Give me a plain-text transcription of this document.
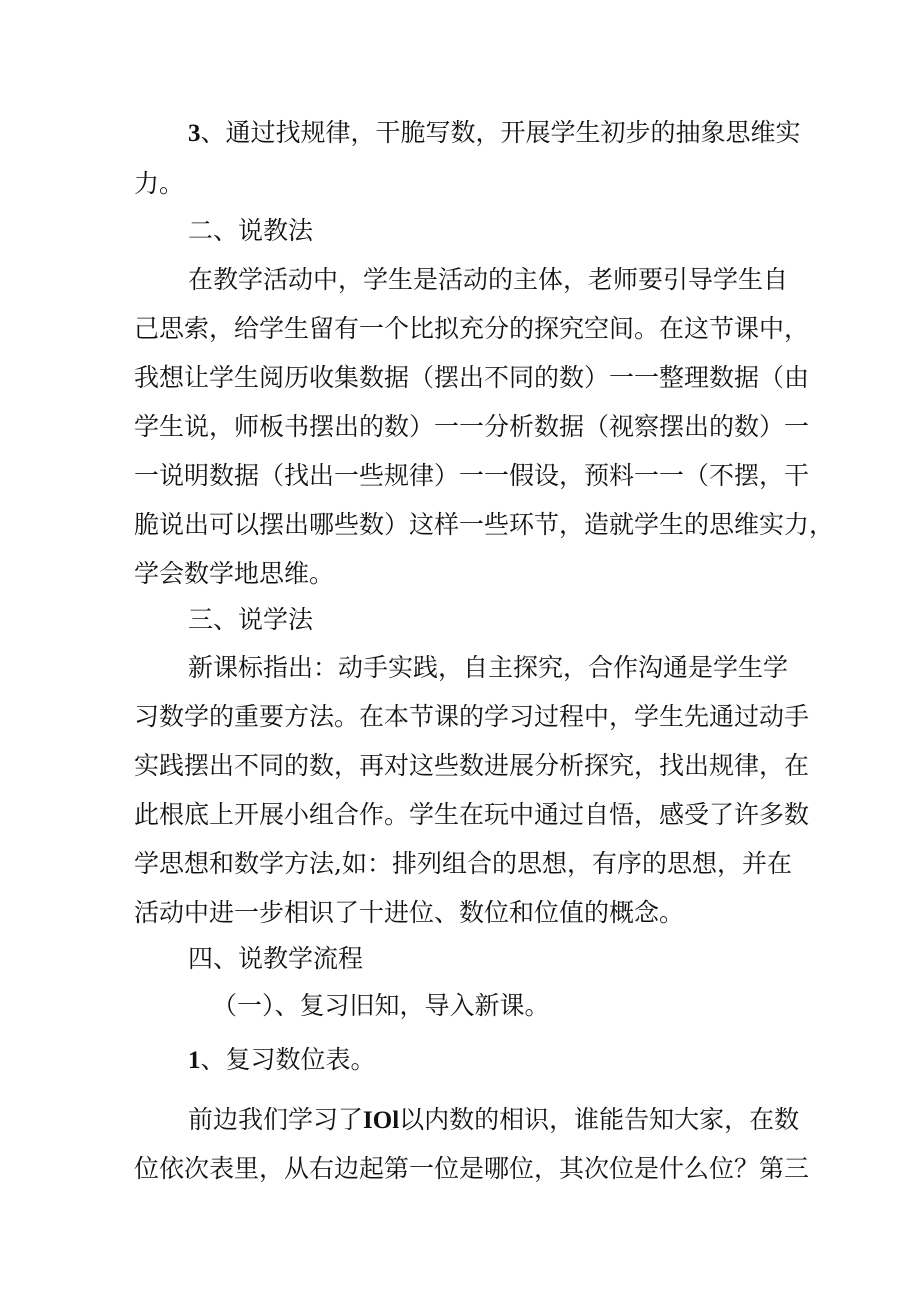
3、通过找规律，干脆写数，开展学生初步的抽象思维实
力。
二、说教法
在教学活动中，学生是活动的主体，老师要引导学生自
己思索，给学生留有一个比拟充分的探究空间。在这节课中，
我想让学生阅历收集数据（摆出不同的数）一一整理数据（由
学生说，师板书摆出的数）一一分析数据（视察摆出的数）一
一说明数据（找出一些规律）一一假设，预料一一（不摆，干
脆说出可以摆出哪些数）这样一些环节，造就学生的思维实力，
学会数学地思维。
三、说学法
新课标指出：动手实践，自主探究，合作沟通是学生学
习数学的重要方法。在本节课的学习过程中，学生先通过动手
实践摆出不同的数，再对这些数进展分析探究，找出规律，在
此根底上开展小组合作。学生在玩中通过自悟，感受了许多数
学思想和数学方法,如：排列组合的思想，有序的思想，并在
活动中进一步相识了十进位、数位和位值的概念。
四、说教学流程
（一）、复习旧知，导入新课。
1、复习数位表。
前边我们学习了IOl以内数的相识，谁能告知大家，在数
位依次表里，从右边起第一位是哪位，其次位是什么位？第三
